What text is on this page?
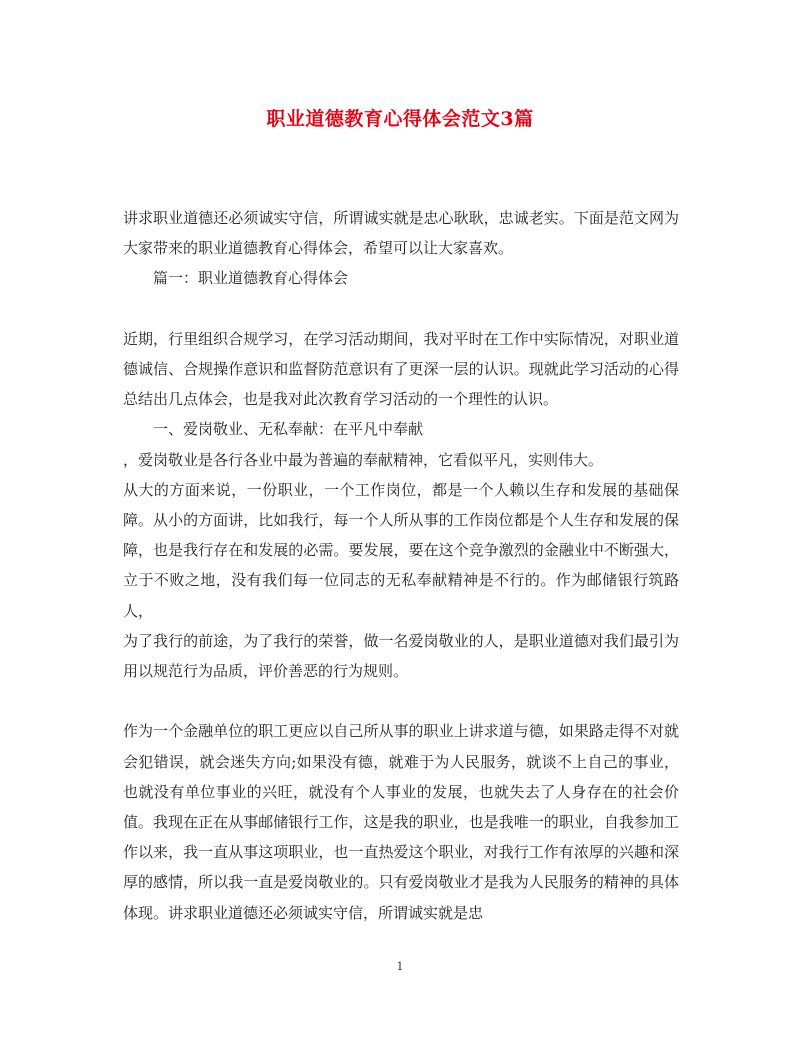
职业道德教育心得体会范文3篇

讲求职业道德还必须诚实守信，所谓诚实就是忠心耿耿，忠诚老实。下面是范文网为大家带来的职业道德教育心得体会，希望可以让大家喜欢。

篇一：职业道德教育心得体会

近期，行里组织合规学习，在学习活动期间，我对平时在工作中实际情况，对职业道德诚信、合规操作意识和监督防范意识有了更深一层的认识。现就此学习活动的心得总结出几点体会，也是我对此次教育学习活动的一个理性的认识。

一、爱岗敬业、无私奉献：在平凡中奉献

，爱岗敬业是各行各业中最为普遍的奉献精神，它看似平凡，实则伟大。

从大的方面来说，一份职业，一个工作岗位，都是一个人赖以生存和发展的基础保障。从小的方面讲，比如我行，每一个人所从事的工作岗位都是个人生存和发展的保障，也是我行存在和发展的必需。要发展，要在这个竞争激烈的金融业中不断强大，立于不败之地，没有我们每一位同志的无私奉献精神是不行的。作为邮储银行筑路人，

为了我行的前途，为了我行的荣誉，做一名爱岗敬业的人，是职业道德对我们最引为用以规范行为品质，评价善恶的行为规则。

作为一个金融单位的职工更应以自己所从事的职业上讲求道与德，如果路走得不对就会犯错误，就会迷失方向;如果没有德，就难于为人民服务，就谈不上自己的事业，也就没有单位事业的兴旺，就没有个人事业的发展，也就失去了人身存在的社会价值。我现在正在从事邮储银行工作，这是我的职业，也是我唯一的职业，自我参加工作以来，我一直从事这项职业，也一直热爱这个职业，对我行工作有浓厚的兴趣和深厚的感情，所以我一直是爱岗敬业的。只有爱岗敬业才是我为人民服务的精神的具体体现。讲求职业道德还必须诚实守信，所谓诚实就是忠

1
